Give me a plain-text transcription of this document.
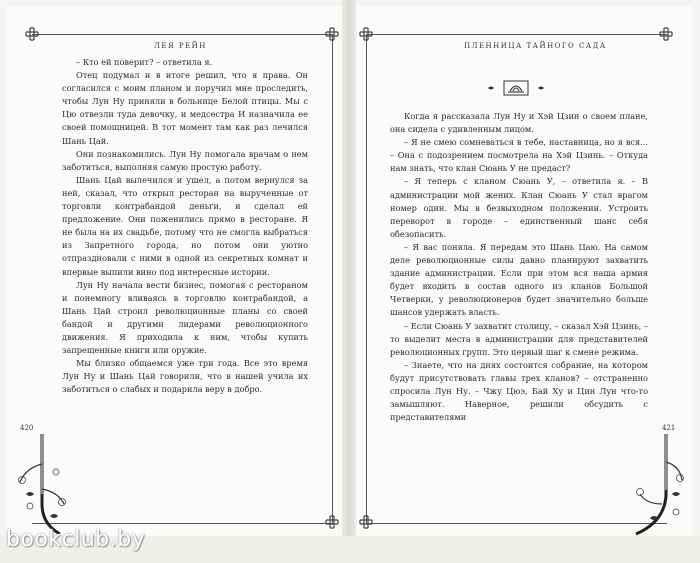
ЛЕЯ РЕЙН

– Кто ей поверит? – ответила я.

Отец подумал и в итоге решил, что я права. Он согласился с моим планом и поручил мне проследить, чтобы Лун Ну приняли в больнице Белой птицы. Мы с Цю отвезли туда девочку, и медсестра И назначила ее своей помощницей. В тот момент там как раз лечился Шань Цай.

Они познакомились. Лун Ну помогала врачам о нем заботиться, выполняя самую простую работу.

Шань Цай вылечился и ушел, а потом вернулся за ней, сказал, что открыл ресторан на вырученные от торговли контрабандой деньги, и сделал ей предложение. Они поженились прямо в ресторане. Я не была на их свадьбе, потому что не смогла выбраться из Запретного города, но потом они уютно отпраздновали с ними в одной из секретных комнат и впервые выпили вино под интересные истории.

Лун Ну начала вести бизнес, помогая с рестораном и понемногу вливаясь в торговлю контрабандой, а Шань Цай строил революционные планы со своей бандой и другими лидерами революционного движения. Я приходила к ним, чтобы купить запрещенные книги или оружие.

Мы близко общаемся уже три года. Все это время Лун Ну и Шань Цай говорили, что в нашей учила их заботиться о слабых и подарила веру в добро.

420
ПЛЕННИЦА ТАЙНОГО САДА

Когда я рассказала Лун Ну и Хэй Цзин о своем плане, она сидела с удивленным лицом.

– Я не смею сомневаться в тебе, наставница, но я вся... – Она с подозрением посмотрела на Хэй Цзинь. – Откуда нам знать, что клан Сюань У не предаст?

– Я теперь с кланом Сюань У, – ответила я. – В администрации мой жених. Клан Сюань У стал врагом номер один. Мы в безвыходном положении. Устроить переворот в городе – единственный шанс себя обезопасить.

– Я вас поняла. Я передам это Шань Цаю. На самом деле революционные силы давно планируют захватить здание администрации. Если при этом вся наша армия будет входить в состав одного из кланов Большой Четверки, у революционеров будет значительно больше шансов удержать власть.

– Если Сюань У захватит столицу, – сказал Хэй Цзинь, – то выделит места в администрации для представителей революционных групп. Это первый шаг к смене режима.

– Знаете, что на днях состоится собрание, на котором будут присутствовать главы трех кланов? – отстраненно спросила Лун Ну. – Чжу Цюэ, Бай Ху и Цин Лун что-то замышляют. Наверное, решили обсудить с представителями

421
bookclub.by
